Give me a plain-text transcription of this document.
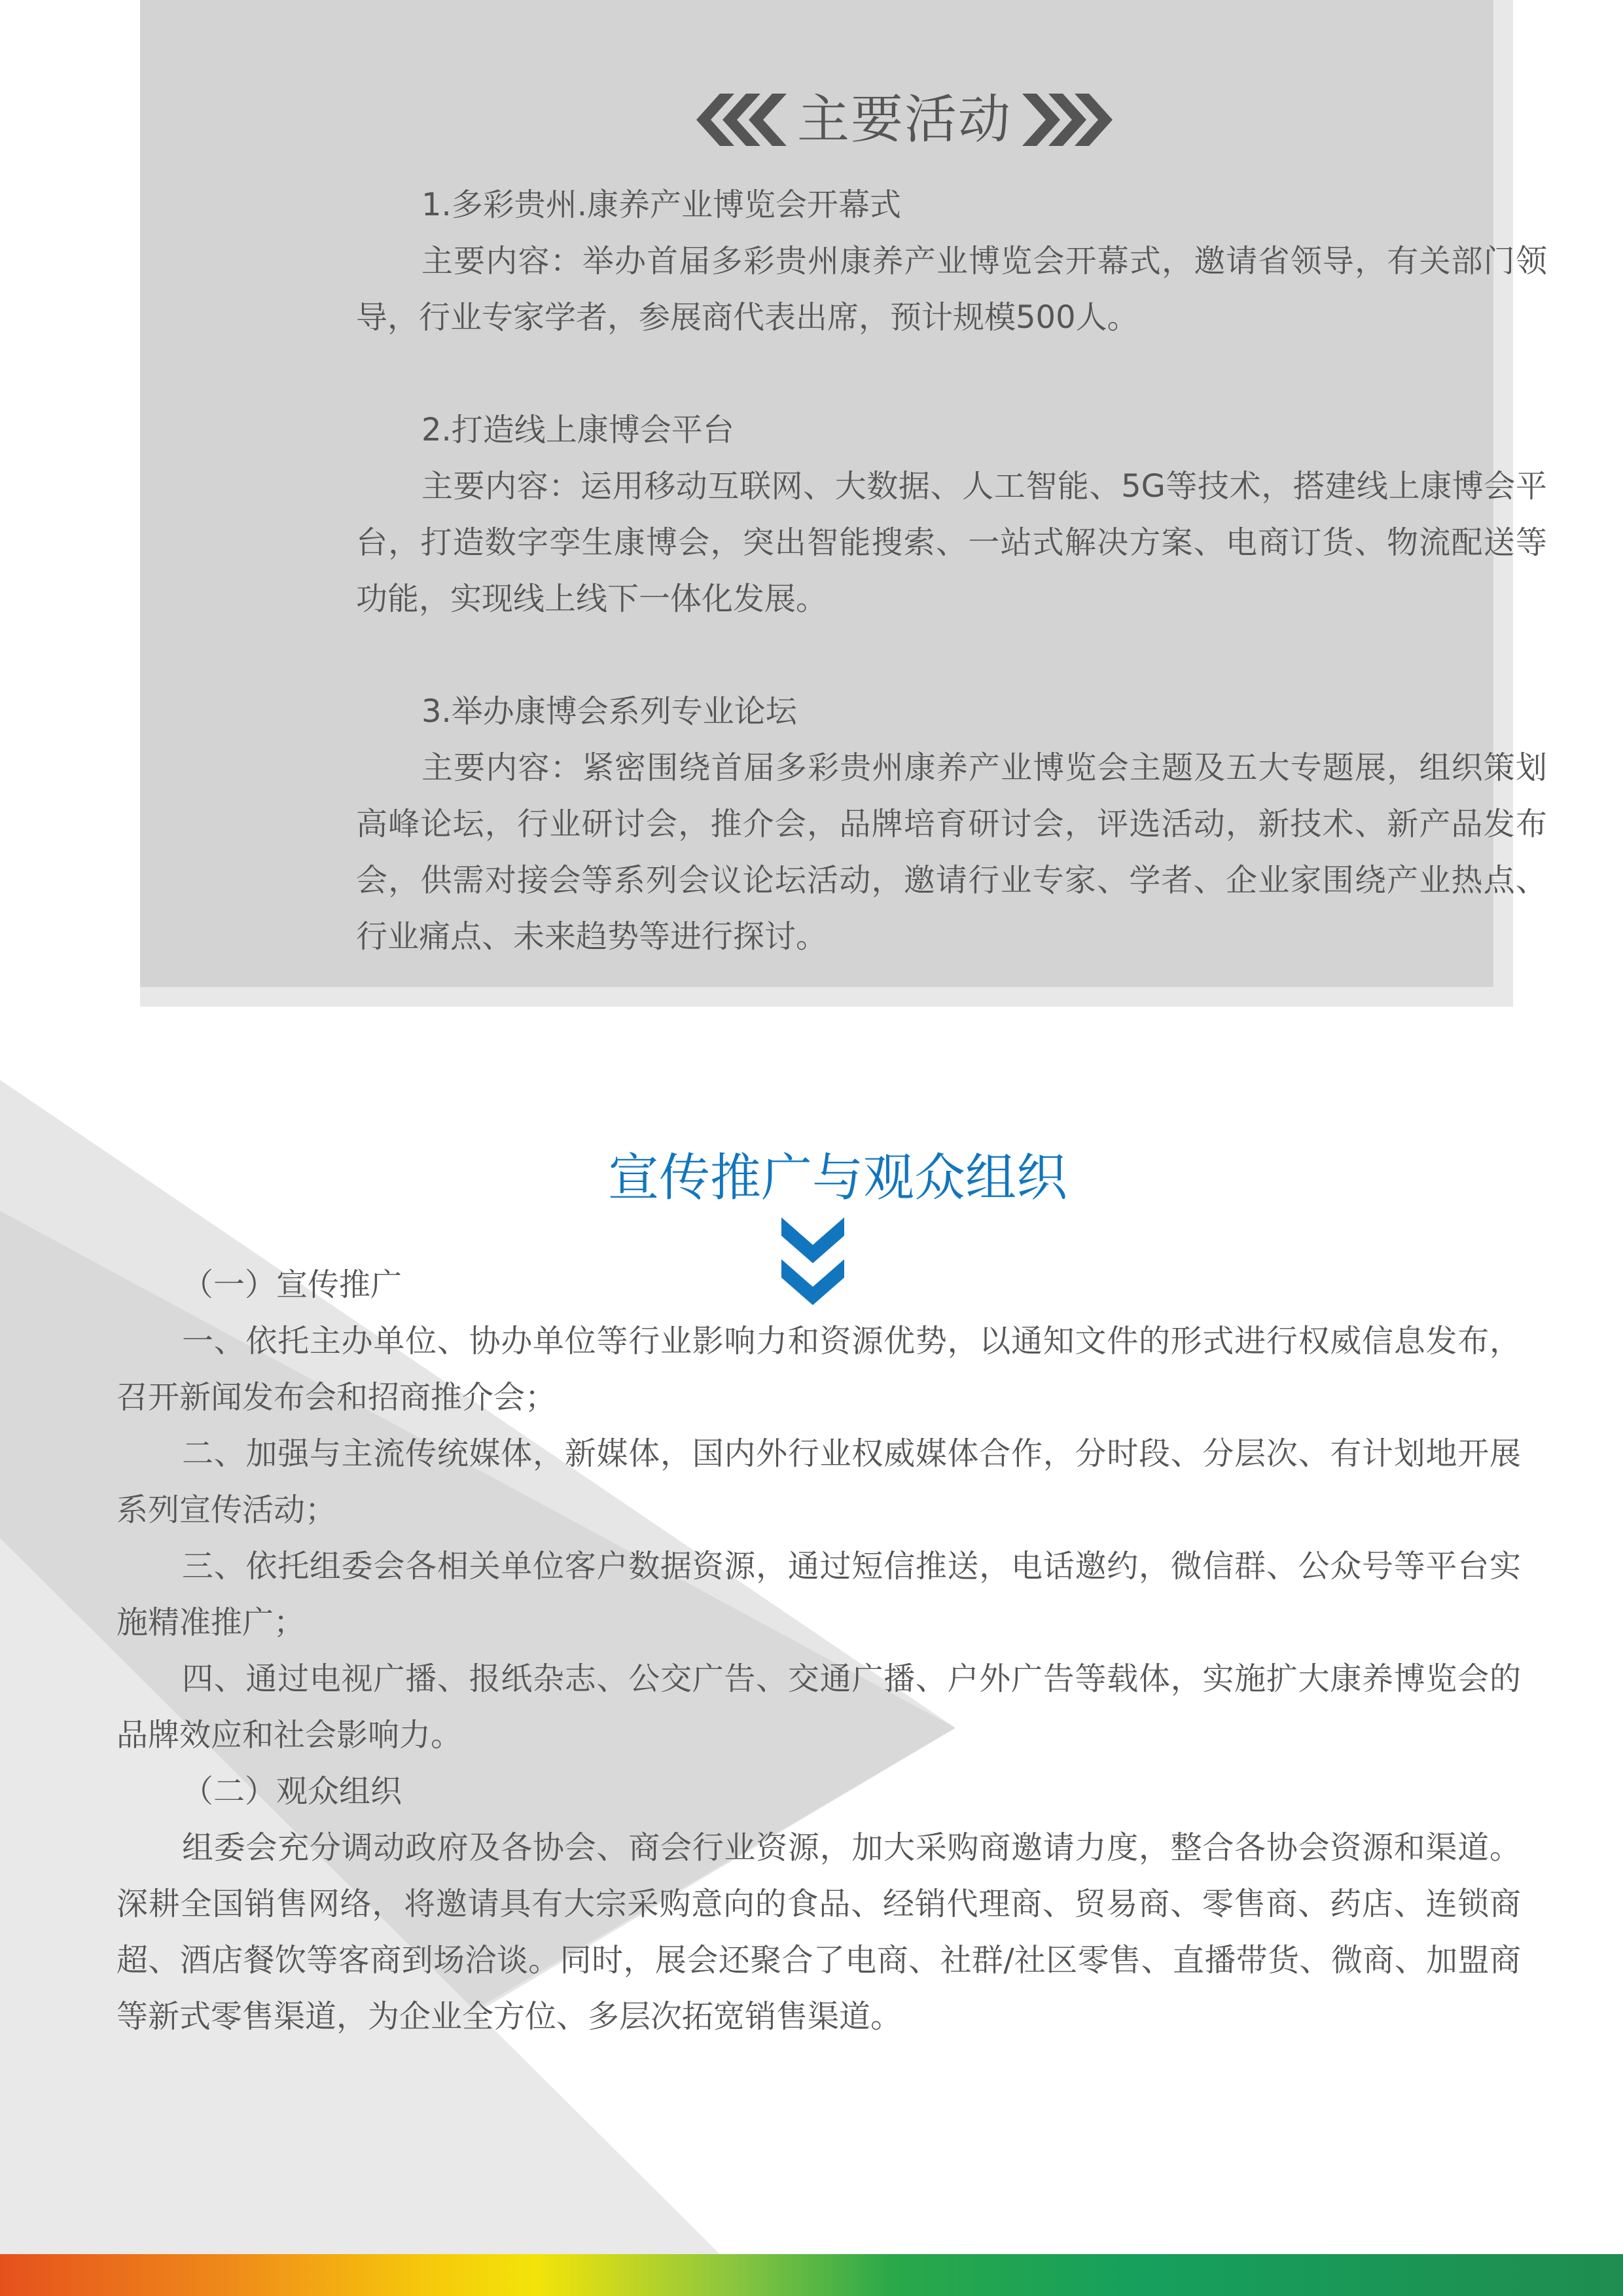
主要活动
1.多彩贵州.康养产业博览会开幕式
主要内容：举办首届多彩贵州康养产业博览会开幕式，邀请省领导，有关部门领导，行业专家学者，参展商代表出席，预计规模500人。
2.打造线上康博会平台
主要内容：运用移动互联网、大数据、人工智能、5G等技术，搭建线上康博会平台，打造数字孪生康博会，突出智能搜索、一站式解决方案、电商订货、物流配送等功能，实现线上线下一体化发展。
3.举办康博会系列专业论坛
主要内容：紧密围绕首届多彩贵州康养产业博览会主题及五大专题展，组织策划高峰论坛，行业研讨会，推介会，品牌培育研讨会，评选活动，新技术、新产品发布会，供需对接会等系列会议论坛活动，邀请行业专家、学者、企业家围绕产业热点、行业痛点、未来趋势等进行探讨。
宣传推广与观众组织
（一）宣传推广
一、依托主办单位、协办单位等行业影响力和资源优势，以通知文件的形式进行权威信息发布，召开新闻发布会和招商推介会；
二、加强与主流传统媒体，新媒体，国内外行业权威媒体合作，分时段、分层次、有计划地开展系列宣传活动；
三、依托组委会各相关单位客户数据资源，通过短信推送，电话邀约，微信群、公众号等平台实施精准推广；
四、通过电视广播、报纸杂志、公交广告、交通广播、户外广告等载体，实施扩大康养博览会的品牌效应和社会影响力。
（二）观众组织
组委会充分调动政府及各协会、商会行业资源，加大采购商邀请力度，整合各协会资源和渠道。深耕全国销售网络，将邀请具有大宗采购意向的食品、经销代理商、贸易商、零售商、药店、连锁商超、酒店餐饮等客商到场洽谈。同时，展会还聚合了电商、社群/社区零售、直播带货、微商、加盟商等新式零售渠道，为企业全方位、多层次拓宽销售渠道。
